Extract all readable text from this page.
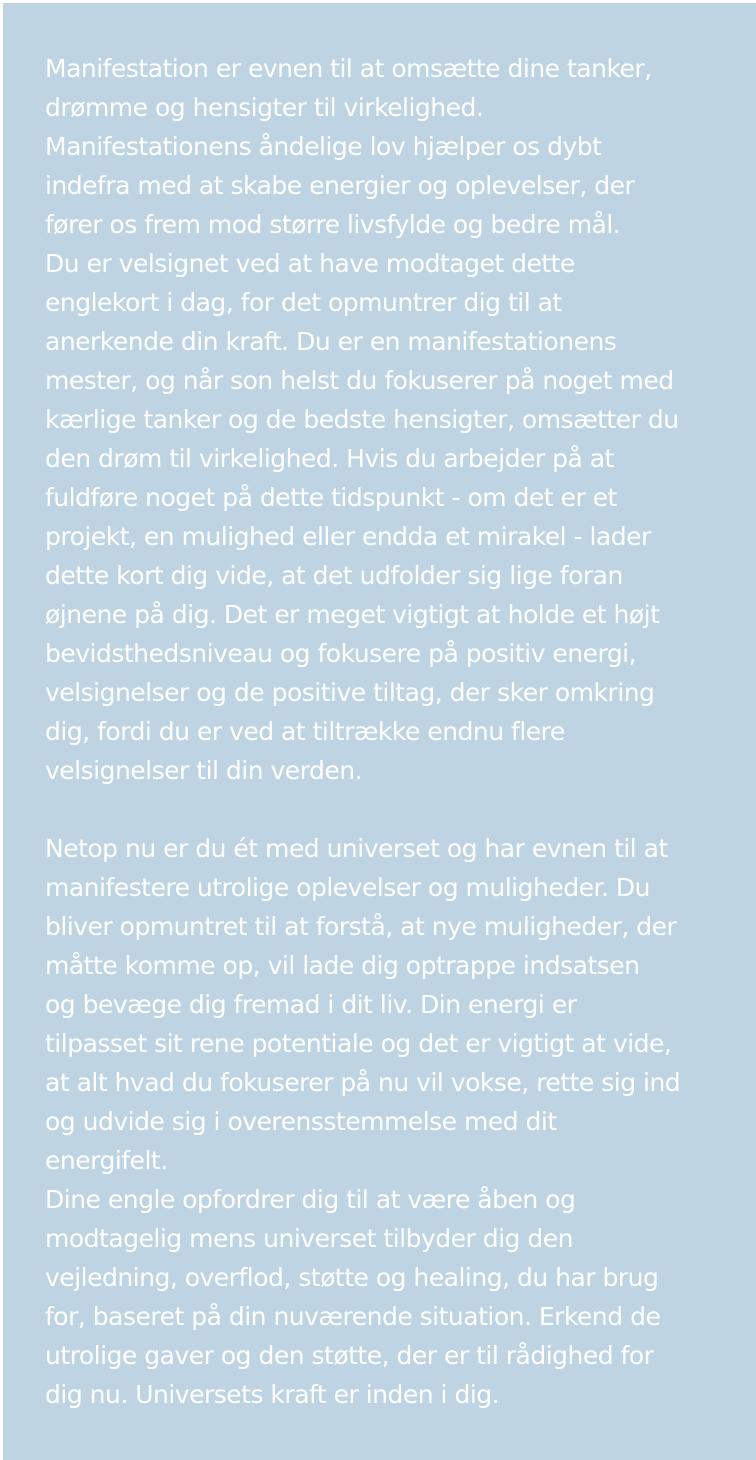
Manifestation er evnen til at omsætte dine tanker,
drømme og hensigter til virkelighed.
Manifestationens åndelige lov hjælper os dybt
indefra med at skabe energier og oplevelser, der
fører os frem mod større livsfylde og bedre mål.
Du er velsignet ved at have modtaget dette
englekort i dag, for det opmuntrer dig til at
anerkende din kraft. Du er en manifestationens
mester, og når son helst du fokuserer på noget med
kærlige tanker og de bedste hensigter, omsætter du
den drøm til virkelighed. Hvis du arbejder på at
fuldføre noget på dette tidspunkt - om det er et
projekt, en mulighed eller endda et mirakel - lader
dette kort dig vide, at det udfolder sig lige foran
øjnene på dig. Det er meget vigtigt at holde et højt
bevidsthedsniveau og fokusere på positiv energi,
velsignelser og de positive tiltag, der sker omkring
dig, fordi du er ved at tiltrække endnu flere
velsignelser til din verden.

Netop nu er du ét med universet og har evnen til at
manifestere utrolige oplevelser og muligheder. Du
bliver opmuntret til at forstå, at nye muligheder, der
måtte komme op, vil lade dig optrappe indsatsen
og bevæge dig fremad i dit liv. Din energi er
tilpasset sit rene potentiale og det er vigtigt at vide,
at alt hvad du fokuserer på nu vil vokse, rette sig ind
og udvide sig i overensstemmelse med dit
energifelt.
Dine engle opfordrer dig til at være åben og
modtagelig mens universet tilbyder dig den
vejledning, overflod, støtte og healing, du har brug
for, baseret på din nuværende situation. Erkend de
utrolige gaver og den støtte, der er til rådighed for
dig nu. Universets kraft er inden i dig.
